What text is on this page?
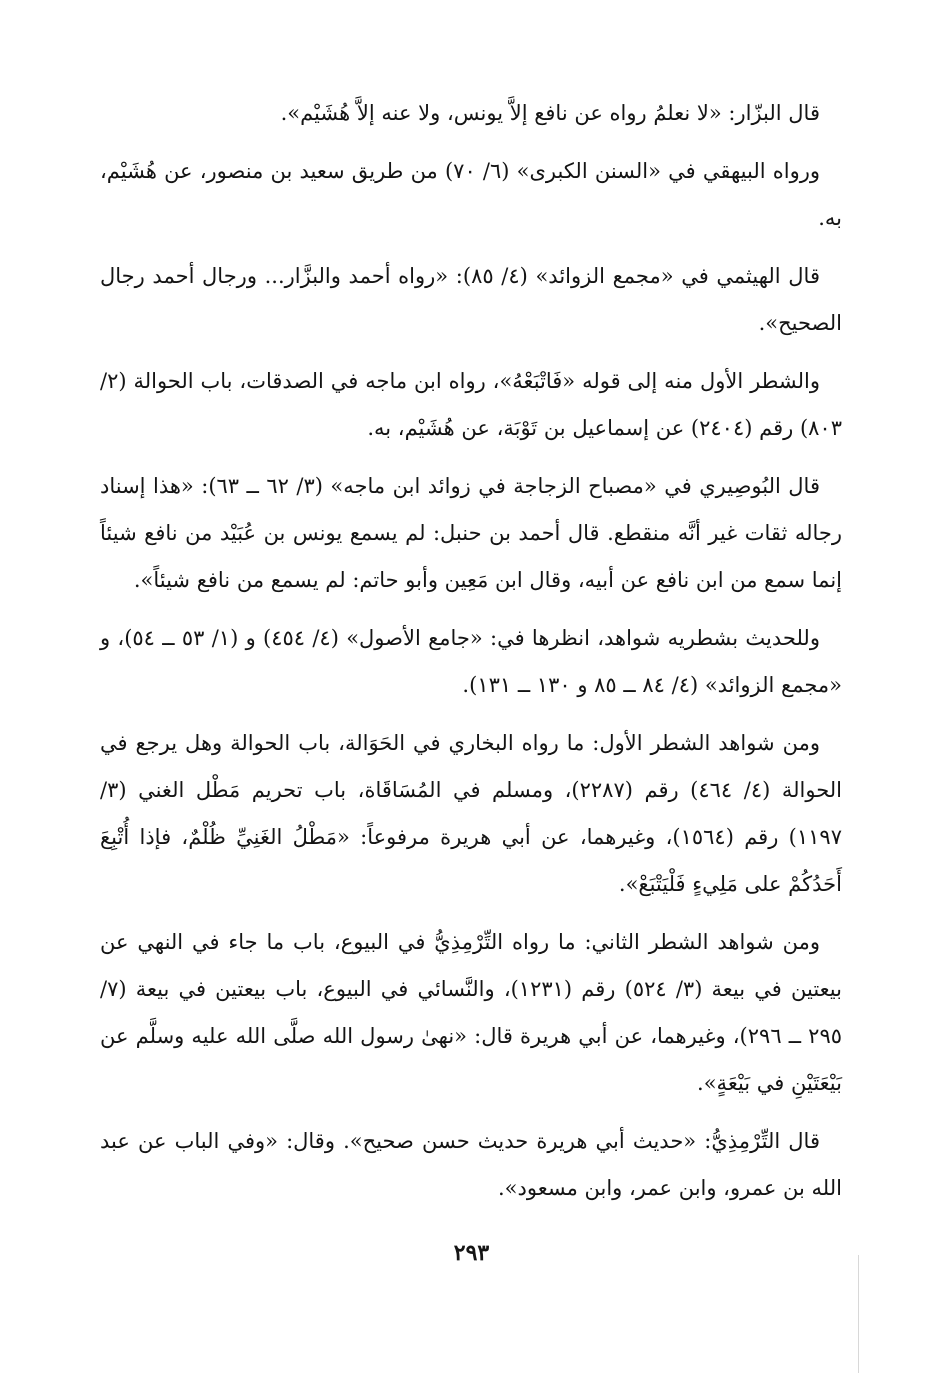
قال البزّار: «لا نعلمُ رواه عن نافع إلاَّ يونس، ولا عنه إلاَّ هُشَيْم».

ورواه البيهقي في «السنن الكبرى» (٦/ ٧٠) من طريق سعيد بن منصور، عن هُشَيْم، به.

قال الهيثمي في «مجمع الزوائد» (٤/ ٨٥): «رواه أحمد والبزَّار... ورجال أحمد رجال الصحيح».

والشطر الأول منه إلى قوله «فَاتْبَعْهُ»، رواه ابن ماجه في الصدقات، باب الحوالة (٢/ ٨٠٣) رقم (٢٤٠٤) عن إسماعيل بن تَوْبَة، عن هُشَيْم، به.

قال البُوصِيري في «مصباح الزجاجة في زوائد ابن ماجه» (٣/ ٦٢ ــ ٦٣): «هذا إسناد رجاله ثقات غير أنَّه منقطع. قال أحمد بن حنبل: لم يسمع يونس بن عُبَيْد من نافع شيئاً إنما سمع من ابن نافع عن أبيه، وقال ابن مَعِين وأبو حاتم: لم يسمع من نافع شيئاً».

وللحديث بشطريه شواهد، انظرها في: «جامع الأصول» (٤/ ٤٥٤) و (١/ ٥٣ ــ ٥٤)، و «مجمع الزوائد» (٤/ ٨٤ ــ ٨٥ و ١٣٠ ــ ١٣١).

ومن شواهد الشطر الأول: ما رواه البخاري في الحَوَالة، باب الحوالة وهل يرجع في الحوالة (٤/ ٤٦٤) رقم (٢٢٨٧)، ومسلم في المُسَاقَاة، باب تحريم مَطْل الغني (٣/ ١١٩٧) رقم (١٥٦٤)، وغيرهما، عن أبي هريرة مرفوعاً: «مَطْلُ الغَنِيِّ ظُلْمٌ، فإذا أُتْبِعَ أَحَدُكُمْ على مَلِيءٍ فَلْيَتْبَعْ».

ومن شواهد الشطر الثاني: ما رواه التِّرْمِذِيُّ في البيوع، باب ما جاء في النهي عن بيعتين في بيعة (٣/ ٥٢٤) رقم (١٢٣١)، والنَّسائي في البيوع، باب بيعتين في بيعة (٧/ ٢٩٥ ــ ٢٩٦)، وغيرهما، عن أبي هريرة قال: «نهىٰ رسول الله صلَّى الله عليه وسلَّم عن بَيْعَتَيْنِ في بَيْعَةٍ».

قال التِّرْمِذِيُّ: «حديث أبي هريرة حديث حسن صحيح». وقال: «وفي الباب عن عبد الله بن عمرو، وابن عمر، وابن مسعود».

٢٩٣
